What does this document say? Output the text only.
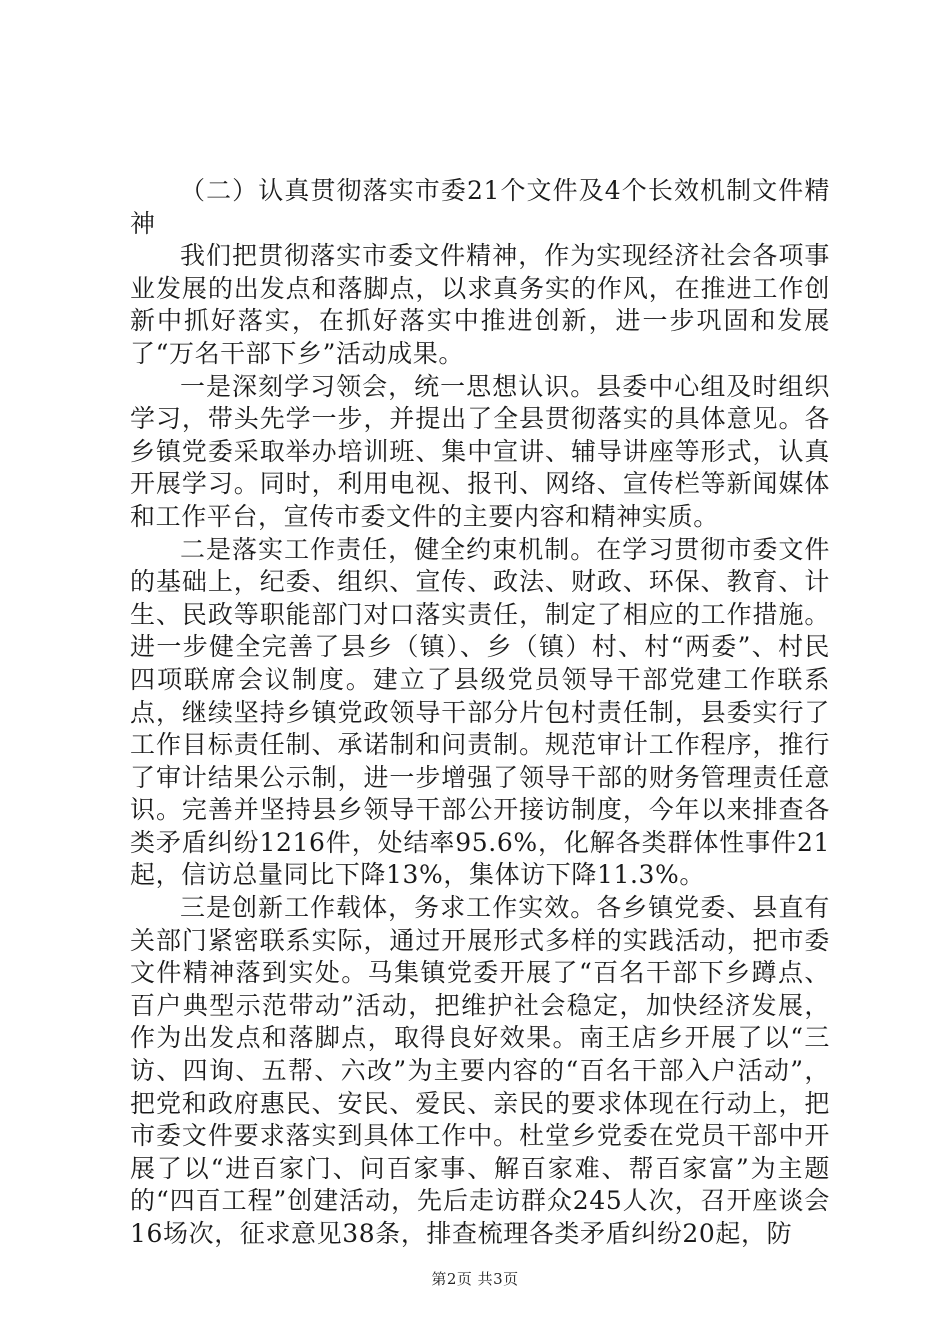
（二）认真贯彻落实市委21个文件及4个长效机制文件精神

我们把贯彻落实市委文件精神，作为实现经济社会各项事业发展的出发点和落脚点，以求真务实的作风，在推进工作创新中抓好落实，在抓好落实中推进创新，进一步巩固和发展了“万名干部下乡”活动成果。

一是深刻学习领会，统一思想认识。县委中心组及时组织学习，带头先学一步，并提出了全县贯彻落实的具体意见。各乡镇党委采取举办培训班、集中宣讲、辅导讲座等形式，认真开展学习。同时，利用电视、报刊、网络、宣传栏等新闻媒体和工作平台，宣传市委文件的主要内容和精神实质。

二是落实工作责任，健全约束机制。在学习贯彻市委文件的基础上，纪委、组织、宣传、政法、财政、环保、教育、计生、民政等职能部门对口落实责任，制定了相应的工作措施。进一步健全完善了县乡（镇）、乡（镇）村、村“两委”、村民四项联席会议制度。建立了县级党员领导干部党建工作联系点，继续坚持乡镇党政领导干部分片包村责任制，县委实行了工作目标责任制、承诺制和问责制。规范审计工作程序，推行了审计结果公示制，进一步增强了领导干部的财务管理责任意识。完善并坚持县乡领导干部公开接访制度，今年以来排查各类矛盾纠纷1216件，处结率95.6%，化解各类群体性事件21起，信访总量同比下降13%，集体访下降11.3%。

三是创新工作载体，务求工作实效。各乡镇党委、县直有关部门紧密联系实际，通过开展形式多样的实践活动，把市委文件精神落到实处。马集镇党委开展了“百名干部下乡蹲点、百户典型示范带动”活动，把维护社会稳定，加快经济发展，作为出发点和落脚点，取得良好效果。南王店乡开展了以“三访、四询、五帮、六改”为主要内容的“百名干部入户活动”，把党和政府惠民、安民、爱民、亲民的要求体现在行动上，把市委文件要求落实到具体工作中。杜堂乡党委在党员干部中开展了以“进百家门、问百家事、解百家难、帮百家富”为主题的“四百工程”创建活动，先后走访群众245人次，召开座谈会16场次，征求意见38条，排查梳理各类矛盾纠纷20起，防

第2页 共3页
